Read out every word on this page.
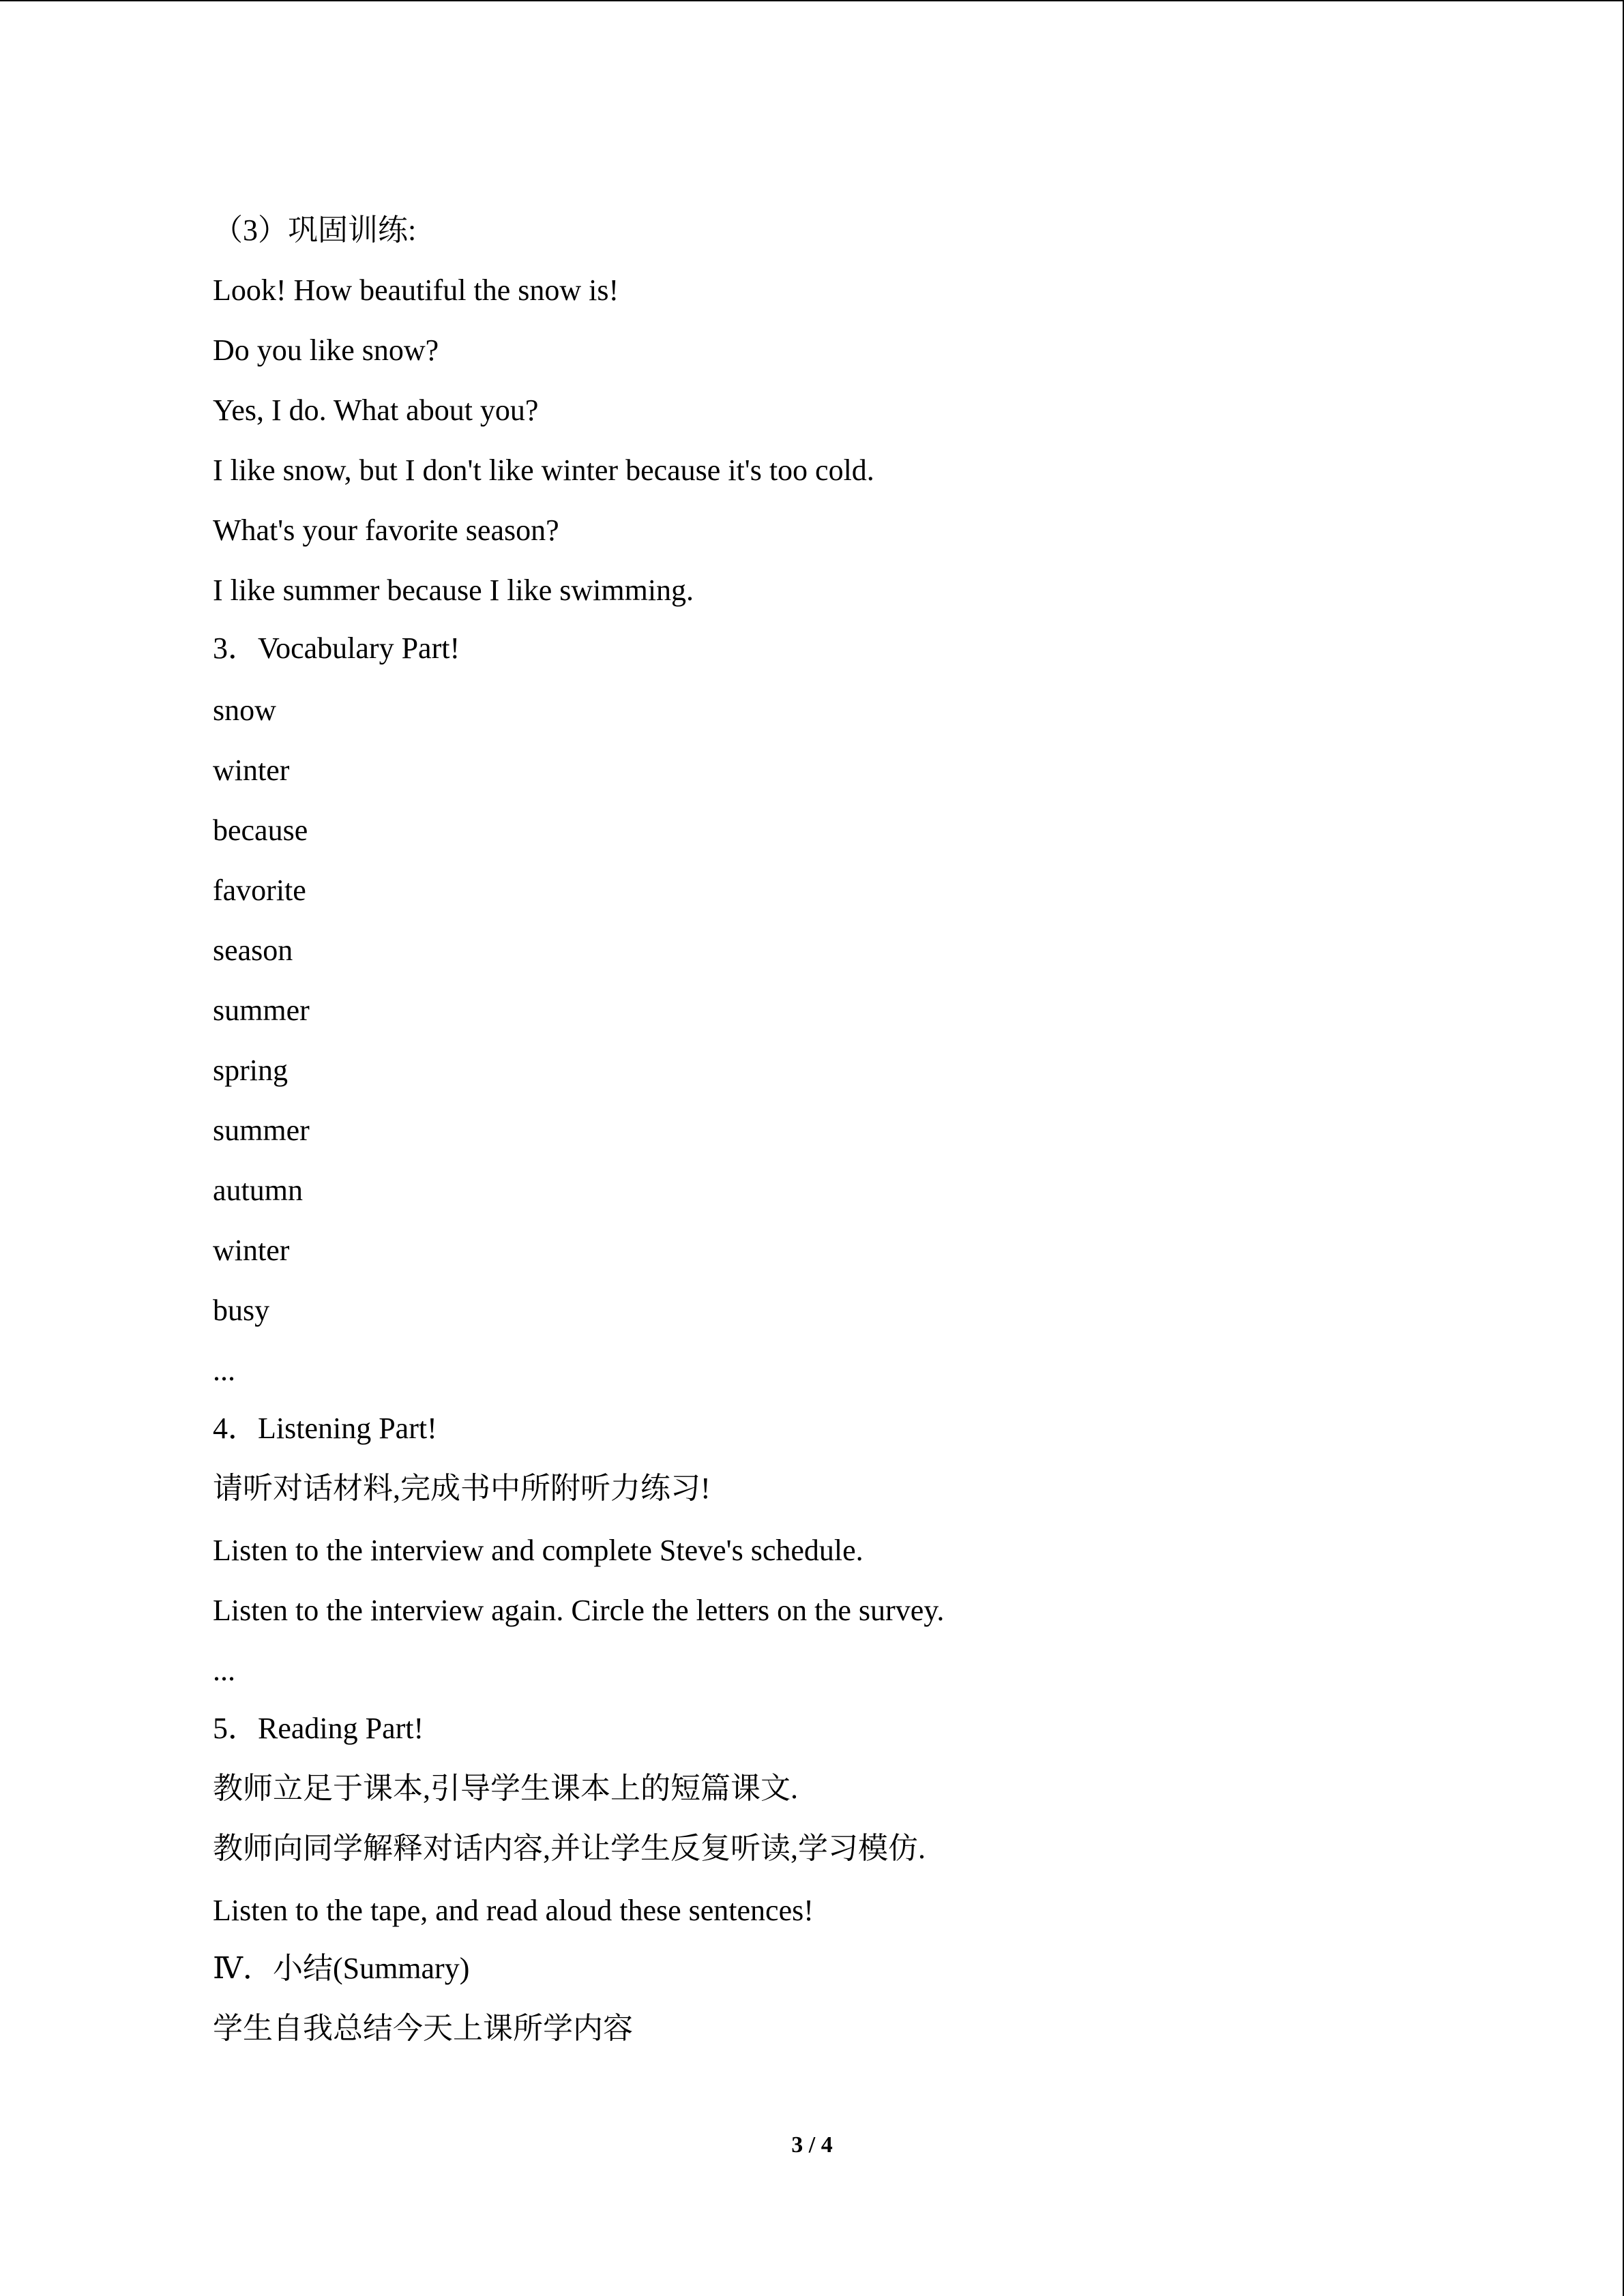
（3）巩固训练:
Look! How beautiful the snow is!
Do you like snow?
Yes, I do. What about you?
I like snow, but I don't like winter because it's too cold.
What's your favorite season?
I like summer because I like swimming.
3．Vocabulary Part!
snow
winter
because
favorite
season
summer
spring
summer
autumn
winter
busy
...
4．Listening Part!
请听对话材料,完成书中所附听力练习!
Listen to the interview and complete Steve's schedule.
Listen to the interview again. Circle the letters on the survey.
...
5．Reading Part!
教师立足于课本,引导学生课本上的短篇课文.
教师向同学解释对话内容,并让学生反复听读,学习模仿.
Listen to the tape, and read aloud these sentences!
Ⅳ．小结(Summary)
学生自我总结今天上课所学内容
3 / 4
